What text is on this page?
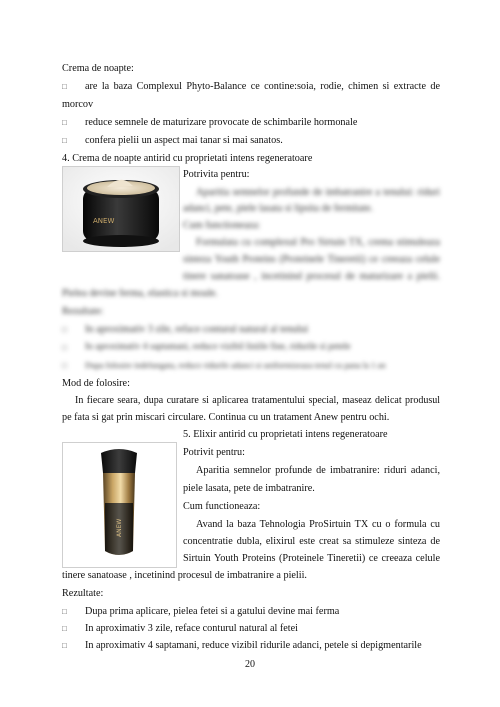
Crema de noapte:
□ are la baza Complexul Phyto-Balance ce contine:soia, rodie, chimen si extracte de
morcov
□ reduce semnele de maturizare provocate de schimbarile hormonale
□ confera pielii un aspect mai tanar si mai sanatos.
4. Crema de noapte antirid cu proprietati intens regeneratoare
ANEW
Potrivita pentru:
Aparitia semnelor profunde de imbatranire a tenului: riduri
adanci, pete, piele lasata si lipsita de fermitate.
Cum functioneaza:
Formulata cu complexul Pro Sirtuin TX, crema stimuleaza
sinteza Youth Proteins (Proteinele Tineretii) ce creeaza celule
tinere sanatoase , incetinind procesul de maturizare a pielii.
Pielea devine ferma, elastica si moale.
Rezultate:
□ In aproximativ 3 zile, reface conturul natural al tenului
□ In aproximativ 4 saptamani, reduce vizibil liniile fine, ridurile si petele
□ Dupa folosire indelungata, reduce ridurile adanci si uniformizeaza tenul cu pana la 1 an
Mod de folosire:
In fiecare seara, dupa curatare si aplicarea tratamentului special, maseaz delicat produsul
pe fata si gat prin miscari circulare. Continua cu un tratament Anew pentru ochi.
5. Elixir antirid cu proprietati intens regeneratoare
ANEW
Potrivit pentru:
Aparitia semnelor profunde de imbatranire: riduri adanci,
piele lasata, pete de imbatranire.
Cum functioneaza:
Avand la baza Tehnologia ProSirtuin TX cu o formula cu
concentratie dubla, elixirul este creat sa stimuleze sinteza de
Sirtuin Youth Proteins (Proteinele Tineretii) ce creeaza celule
tinere sanatoase , incetinind procesul de imbatranire a pielii.
Rezultate:
□ Dupa prima aplicare, pielea fetei si a gatului devine mai ferma
□ In aproximativ 3 zile, reface conturul natural al fetei
□ In aproximativ 4 saptamani, reduce vizibil ridurile adanci, petele si depigmentarile
20
